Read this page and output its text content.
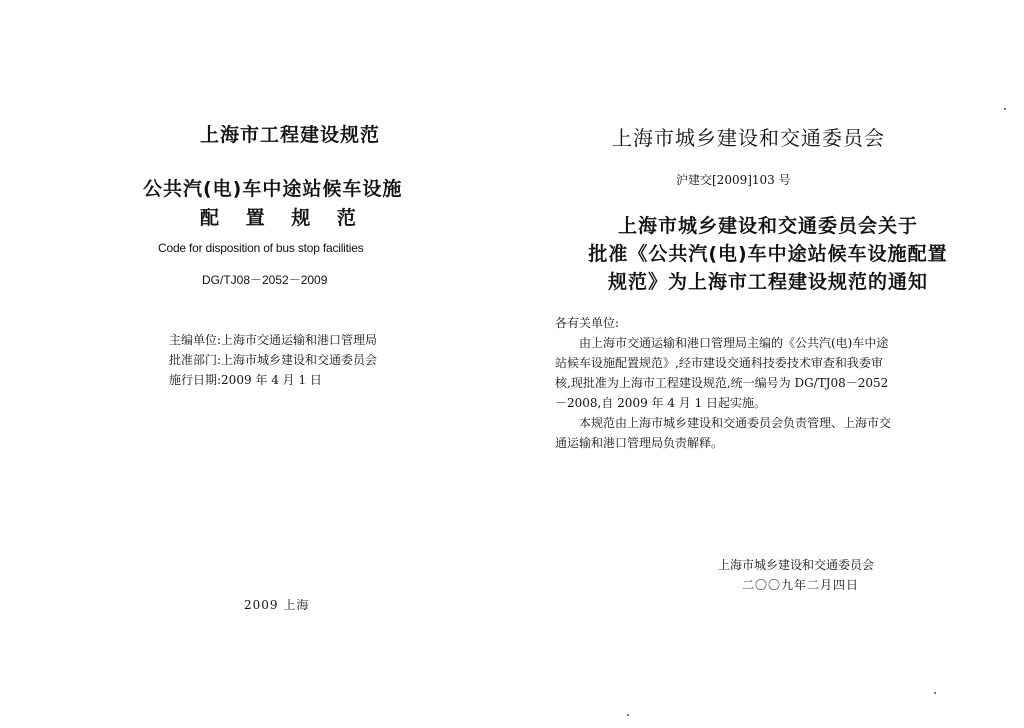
上海市工程建设规范
公共汽(电)车中途站候车设施
配 置 规 范
Code for disposition of bus stop facilities
DG/TJ08－2052－2009
主编单位:上海市交通运输和港口管理局
批准部门:上海市城乡建设和交通委员会
施行日期:2009 年 4 月 1 日
2009 上海
上海市城乡建设和交通委员会
沪建交[2009]103 号
上海市城乡建设和交通委员会关于
批准《公共汽(电)车中途站候车设施配置
规范》为上海市工程建设规范的通知
各有关单位:
由上海市交通运输和港口管理局主编的《公共汽(电)车中途
站候车设施配置规范》,经市建设交通科技委技术审查和我委审
核,现批准为上海市工程建设规范,统一编号为 DG/TJ08－2052
－2008,自 2009 年 4 月 1 日起实施。
本规范由上海市城乡建设和交通委员会负责管理、上海市交
通运输和港口管理局负责解释。
上海市城乡建设和交通委员会
二〇〇九年二月四日
